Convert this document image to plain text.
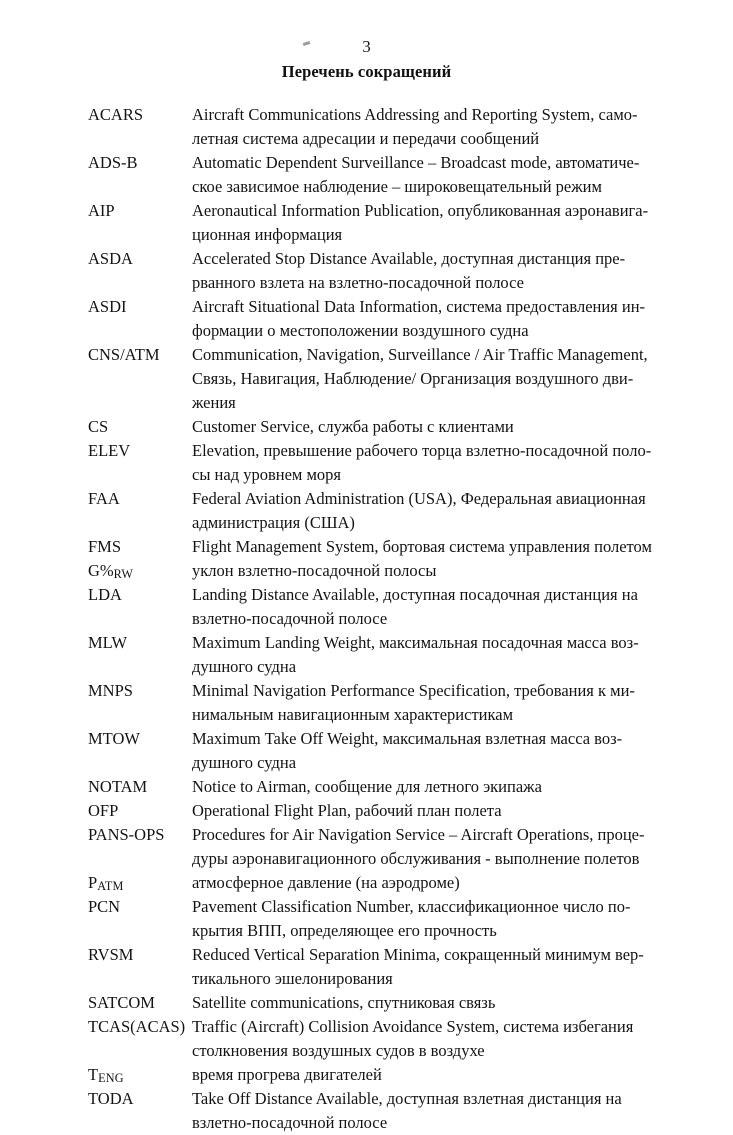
3
Перечень сокращений
ACARS	Aircraft Communications Addressing and Reporting System, само-
летная система адресации и передачи сообщений
ADS-B	Automatic Dependent Surveillance – Broadcast mode, автоматиче-
ское зависимое наблюдение – широковещательный режим
AIP	Aeronautical Information Publication, опубликованная аэронавига-
ционная информация
ASDA	Accelerated Stop Distance Available, доступная дистанция пре-
рванного взлета на взлетно-посадочной полосе
ASDI	Aircraft Situational Data Information, система предоставления ин-
формации о местоположении воздушного судна
CNS/ATM	Communication, Navigation, Surveillance / Air Traffic Management,
Связь, Навигация, Наблюдение/ Организация воздушного дви-
жения
CS	Customer Service, служба работы с клиентами
ELEV	Elevation, превышение рабочего торца взлетно-посадочной поло-
сы над уровнем моря
FAA	Federal Aviation Administration (USA), Федеральная авиационная
администрация (США)
FMS	Flight Management System, бортовая система управления полетом
$G\%_{RW}$	уклон взлетно-посадочной полосы
LDA	Landing Distance Available, доступная посадочная дистанция на
взлетно-посадочной полосе
MLW	Maximum Landing Weight, максимальная посадочная масса воз-
душного судна
MNPS	Minimal Navigation Performance Specification, требования к ми-
нимальным навигационным характеристикам
MTOW	Maximum Take Off Weight, максимальная взлетная масса воз-
душного судна
NOTAM	Notice to Airman, сообщение для летного экипажа
OFP	Operational Flight Plan, рабочий план полета
PANS-OPS	Procedures for Air Navigation Service – Aircraft Operations, проце-
дуры аэронавигационного обслуживания - выполнение полетов
$P_{ATM}$	атмосферное давление (на аэродроме)
PCN	Pavement Classification Number, классификационное число по-
крытия ВПП, определяющее его прочность
RVSM	Reduced Vertical Separation Minima, сокращенный минимум вер-
тикального эшелонирования
SATCOM	Satellite communications, спутниковая связь
TCAS(ACAS) Traffic (Aircraft) Collision Avoidance System, система избегания
столкновения воздушных судов в воздухе
$T_{ENG}$	время прогрева двигателей
TODA	Take Off Distance Available, доступная взлетная дистанция на
взлетно-посадочной полосе
